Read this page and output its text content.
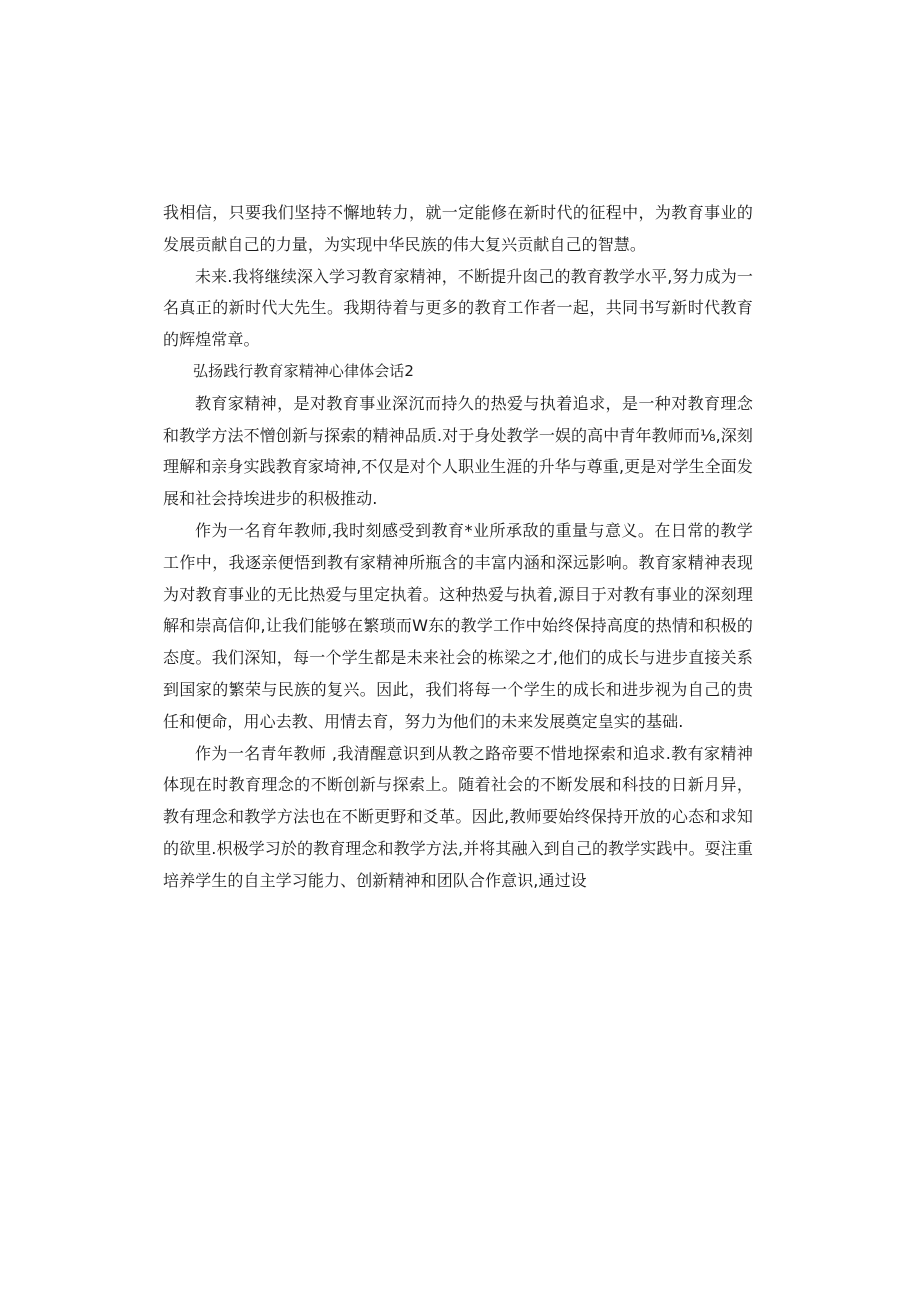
我相信，只要我们坚持不懈地转力，就一定能修在新时代的征程中，为教育事业的发展贡献自己的力量，为实现中华民族的伟大复兴贡献自己的智慧。

未来.我将继续深入学习教育家精神，不断提升囱己的教育教学水平,努力成为一名真正的新时代大先生。我期待着与更多的教育工作者一起，共同书写新时代教育的辉煌常章。

弘扬践行教育家精神心律体会话2

教育家精神，是对教育事业深沉而持久的热爱与执着追求，是一种对教育理念和教学方法不憎创新与探索的精神品质.对于身处教学一娱的高中青年教师而⅛,深刻理解和亲身实践教育家埼神,不仅是对个人职业生涯的升华与尊重,更是对学生全面发展和社会持埃进步的积极推动.

作为一名育年教师,我时刻感受到教育*业所承敌的重量与意义。在日常的教学工作中，我逐亲便悟到教有家精神所瓶含的丰富内涵和深远影响。教育家精神表现为对教育事业的无比热爱与里定执着。这种热爱与执着,源目于对教有事业的深刻理解和崇高信仰,让我们能够在繁琐而W东的教学工作中始终保持高度的热情和积极的态度。我们深知，每一个学生都是未来社会的栋梁之才,他们的成长与进步直接关系到国家的繁荣与民族的复兴。因此，我们将每一个学生的成长和进步视为自己的贵任和便命，用心去教、用情去育，努力为他们的未来发展奠定皇实的基础.

作为一名青年教师 ,我清醒意识到从教之路帝要不惜地探索和追求.教有家精神体现在时教育理念的不断创新与探索上。随着社会的不断发展和科技的日新月异，教有理念和教学方法也在不断更野和爻革。因此,教师要始终保持开放的心态和求知的欲里.枳极学习於的教育理念和教学方法,并将其融入到自己的教学实践中。耍注重培养学生的自主学习能力、创新精神和团队合作意识,通过设
